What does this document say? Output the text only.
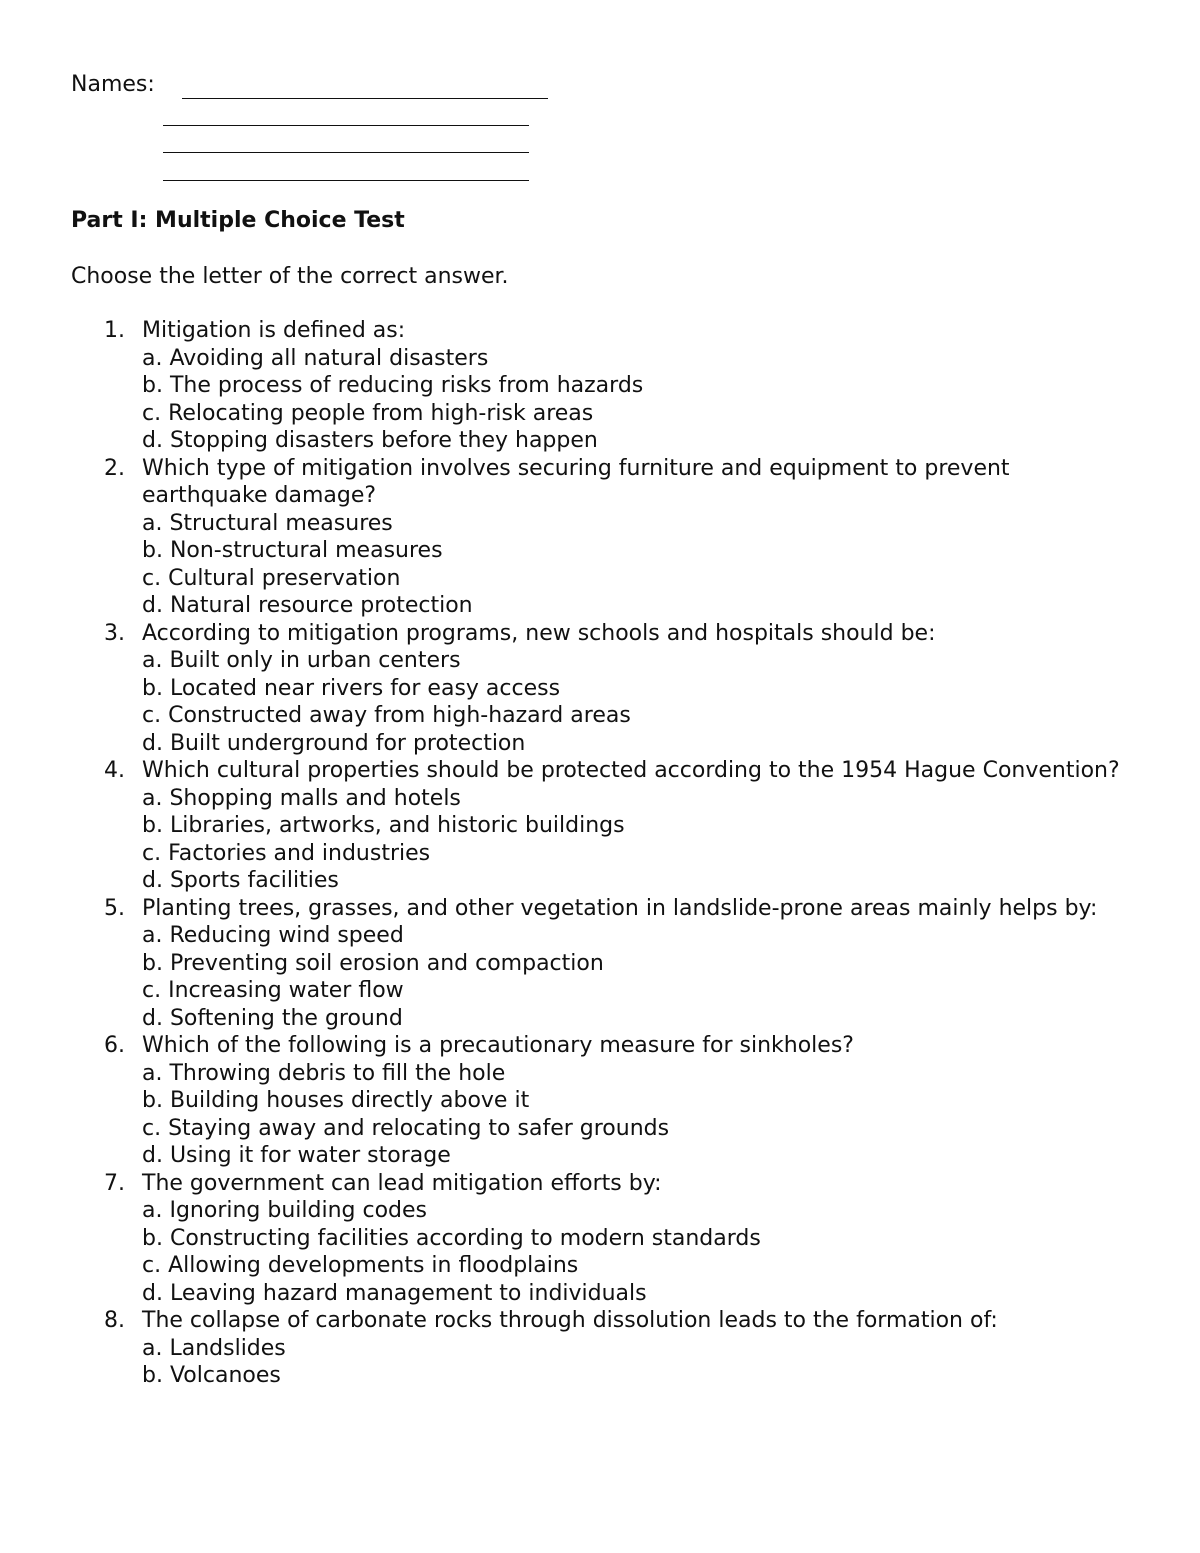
Names:
Part I: Multiple Choice Test
Choose the letter of the correct answer.
1. Mitigation is defined as:
a. Avoiding all natural disasters
b. The process of reducing risks from hazards
c. Relocating people from high-risk areas
d. Stopping disasters before they happen
2. Which type of mitigation involves securing furniture and equipment to prevent earthquake damage?
a. Structural measures
b. Non-structural measures
c. Cultural preservation
d. Natural resource protection
3. According to mitigation programs, new schools and hospitals should be:
a. Built only in urban centers
b. Located near rivers for easy access
c. Constructed away from high-hazard areas
d. Built underground for protection
4. Which cultural properties should be protected according to the 1954 Hague Convention?
a. Shopping malls and hotels
b. Libraries, artworks, and historic buildings
c. Factories and industries
d. Sports facilities
5. Planting trees, grasses, and other vegetation in landslide-prone areas mainly helps by:
a. Reducing wind speed
b. Preventing soil erosion and compaction
c. Increasing water flow
d. Softening the ground
6. Which of the following is a precautionary measure for sinkholes?
a. Throwing debris to fill the hole
b. Building houses directly above it
c. Staying away and relocating to safer grounds
d. Using it for water storage
7. The government can lead mitigation efforts by:
a. Ignoring building codes
b. Constructing facilities according to modern standards
c. Allowing developments in floodplains
d. Leaving hazard management to individuals
8. The collapse of carbonate rocks through dissolution leads to the formation of:
a. Landslides
b. Volcanoes
